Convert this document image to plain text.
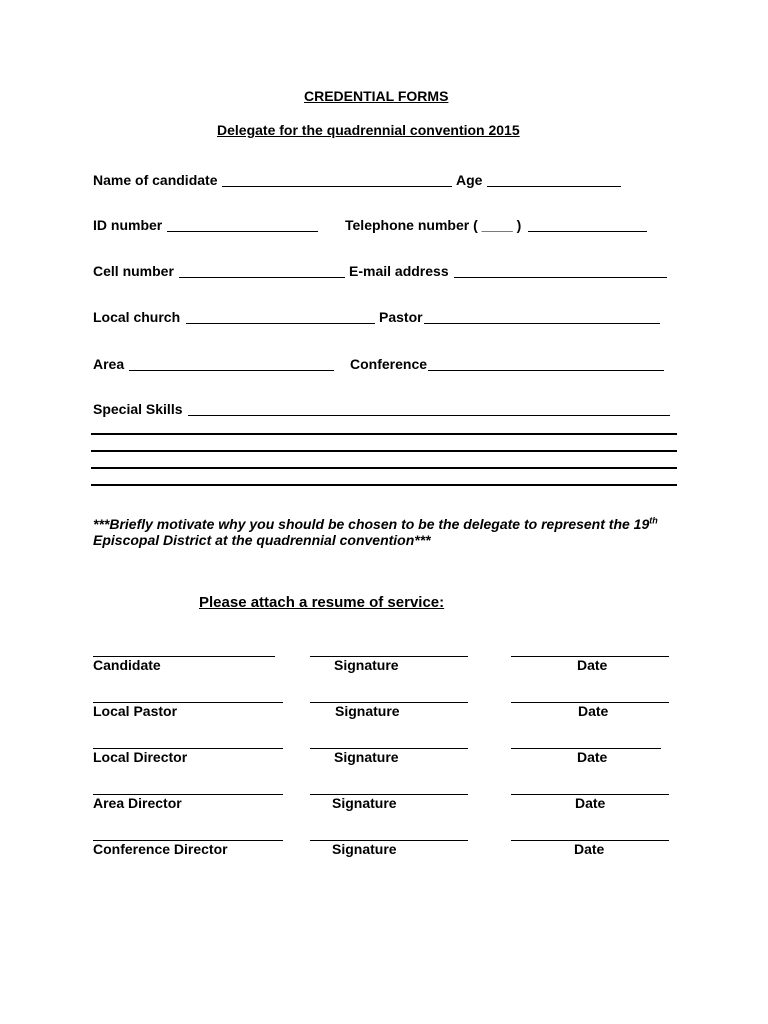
CREDENTIAL FORMS
Delegate for the quadrennial convention 2015
Name of candidate	Age
ID number	Telephone number ( ____ )
Cell number	E-mail address
Local church	Pastor
Area	Conference
Special Skills
***Briefly motivate why you should be chosen to be the delegate to represent the 19th
Episcopal District at the quadrennial convention***
Please attach a resume of service:
Candidate	Signature	Date
Local Pastor	Signature	Date
Local Director	Signature	Date
Area Director	Signature	Date
Conference Director	Signature	Date
